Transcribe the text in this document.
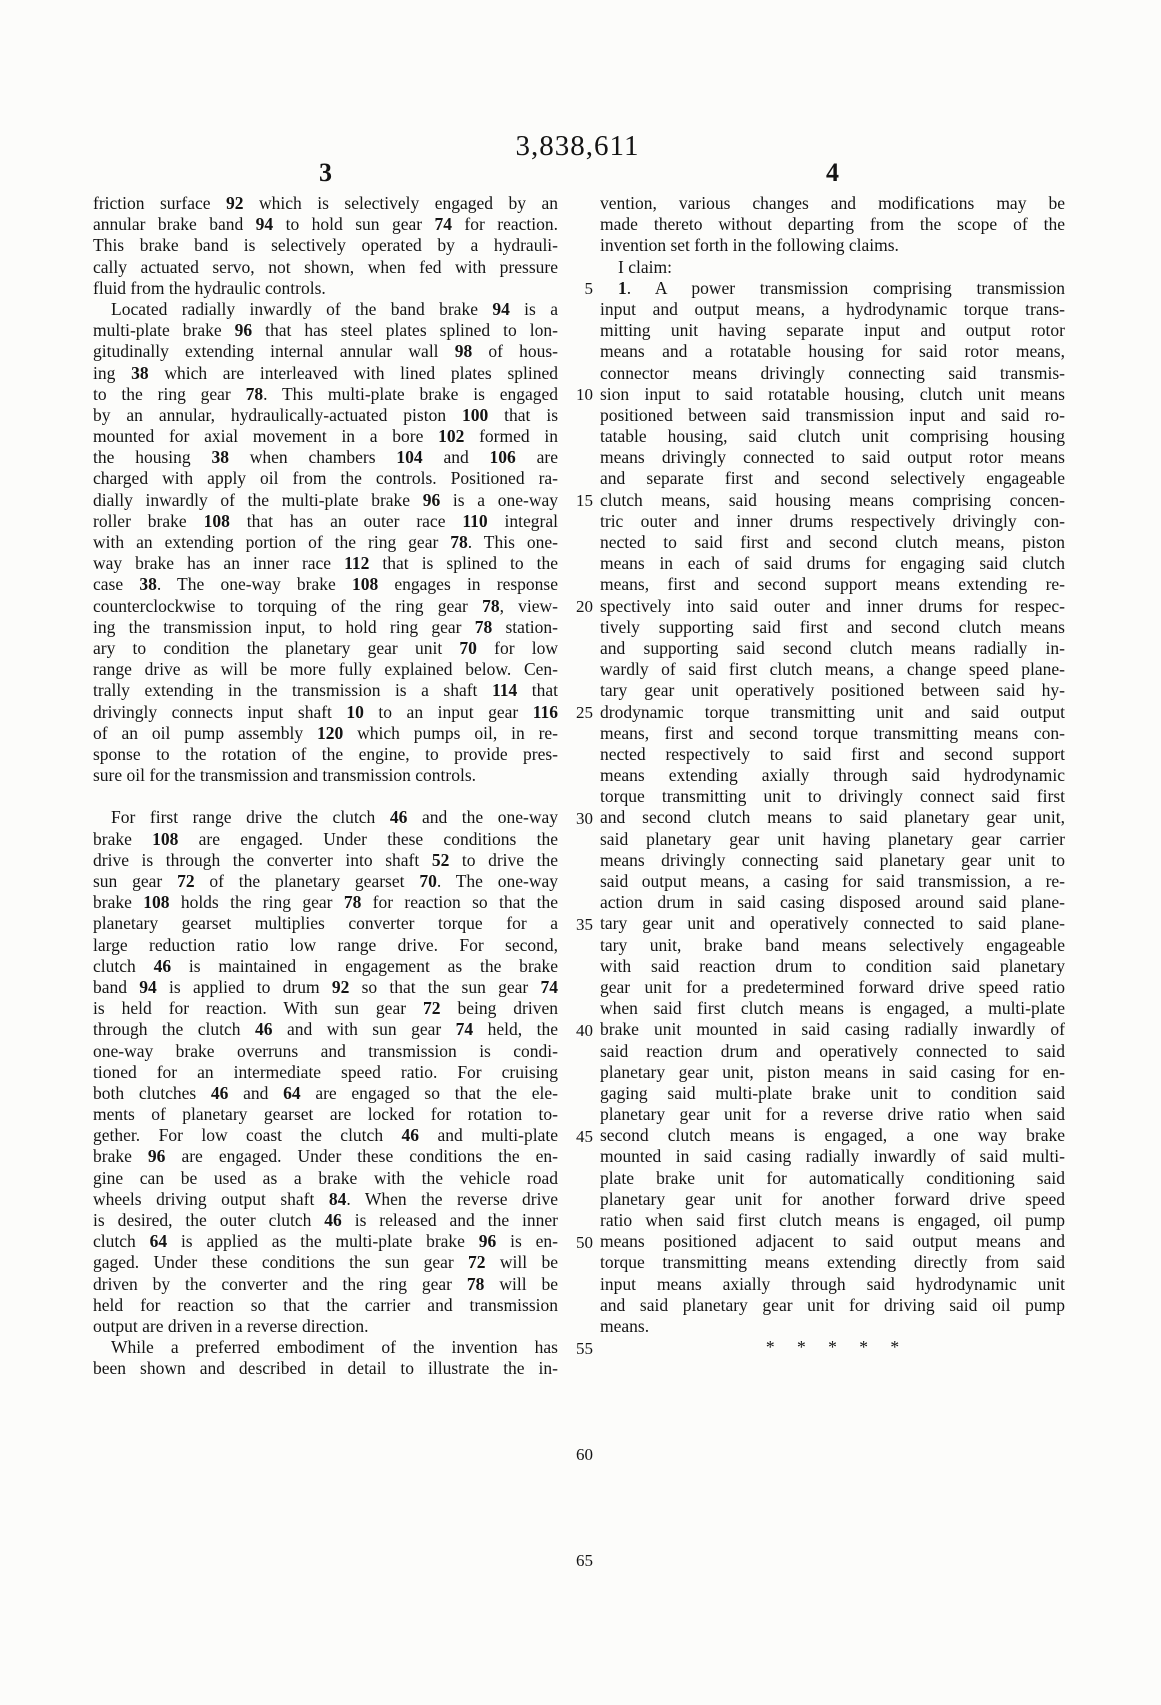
3,838,611
3	4
friction surface 92 which is selectively engaged by an
annular brake band 94 to hold sun gear 74 for reaction.
This brake band is selectively operated by a hydrauli-
cally actuated servo, not shown, when fed with pressure
fluid from the hydraulic controls.
Located radially inwardly of the band brake 94 is a
multi-plate brake 96 that has steel plates splined to lon-
gitudinally extending internal annular wall 98 of hous-
ing 38 which are interleaved with lined plates splined
to the ring gear 78. This multi-plate brake is engaged
by an annular, hydraulically-actuated piston 100 that is
mounted for axial movement in a bore 102 formed in
the housing 38 when chambers 104 and 106 are
charged with apply oil from the controls. Positioned ra-
dially inwardly of the multi-plate brake 96 is a one-way
roller brake 108 that has an outer race 110 integral
with an extending portion of the ring gear 78. This one-
way brake has an inner race 112 that is splined to the
case 38. The one-way brake 108 engages in response
counterclockwise to torquing of the ring gear 78, view-
ing the transmission input, to hold ring gear 78 station-
ary to condition the planetary gear unit 70 for low
range drive as will be more fully explained below. Cen-
trally extending in the transmission is a shaft 114 that
drivingly connects input shaft 10 to an input gear 116
of an oil pump assembly 120 which pumps oil, in re-
sponse to the rotation of the engine, to provide pres-
sure oil for the transmission and transmission controls.

For first range drive the clutch 46 and the one-way
brake 108 are engaged. Under these conditions the
drive is through the converter into shaft 52 to drive the
sun gear 72 of the planetary gearset 70. The one-way
brake 108 holds the ring gear 78 for reaction so that the
planetary gearset multiplies converter torque for a
large reduction ratio low range drive. For second,
clutch 46 is maintained in engagement as the brake
band 94 is applied to drum 92 so that the sun gear 74
is held for reaction. With sun gear 72 being driven
through the clutch 46 and with sun gear 74 held, the
one-way brake overruns and transmission is condi-
tioned for an intermediate speed ratio. For cruising
both clutches 46 and 64 are engaged so that the ele-
ments of planetary gearset are locked for rotation to-
gether. For low coast the clutch 46 and multi-plate
brake 96 are engaged. Under these conditions the en-
gine can be used as a brake with the vehicle road
wheels driving output shaft 84. When the reverse drive
is desired, the outer clutch 46 is released and the inner
clutch 64 is applied as the multi-plate brake 96 is en-
gaged. Under these conditions the sun gear 72 will be
driven by the converter and the ring gear 78 will be
held for reaction so that the carrier and transmission
output are driven in a reverse direction.
While a preferred embodiment of the invention has
been shown and described in detail to illustrate the in-
vention, various changes and modifications may be
made thereto without departing from the scope of the
invention set forth in the following claims.
I claim:
1. A power transmission comprising transmission
input and output means, a hydrodynamic torque trans-
mitting unit having separate input and output rotor
means and a rotatable housing for said rotor means,
connector means drivingly connecting said transmis-
sion input to said rotatable housing, clutch unit means
positioned between said transmission input and said ro-
tatable housing, said clutch unit comprising housing
means drivingly connected to said output rotor means
and separate first and second selectively engageable
clutch means, said housing means comprising concen-
tric outer and inner drums respectively drivingly con-
nected to said first and second clutch means, piston
means in each of said drums for engaging said clutch
means, first and second support means extending re-
spectively into said outer and inner drums for respec-
tively supporting said first and second clutch means
and supporting said second clutch means radially in-
wardly of said first clutch means, a change speed plane-
tary gear unit operatively positioned between said hy-
drodynamic torque transmitting unit and said output
means, first and second torque transmitting means con-
nected respectively to said first and second support
means extending axially through said hydrodynamic
torque transmitting unit to drivingly connect said first
and second clutch means to said planetary gear unit,
said planetary gear unit having planetary gear carrier
means drivingly connecting said planetary gear unit to
said output means, a casing for said transmission, a re-
action drum in said casing disposed around said plane-
tary gear unit and operatively connected to said plane-
tary unit, brake band means selectively engageable
with said reaction drum to condition said planetary
gear unit for a predetermined forward drive speed ratio
when said first clutch means is engaged, a multi-plate
brake unit mounted in said casing radially inwardly of
said reaction drum and operatively connected to said
planetary gear unit, piston means in said casing for en-
gaging said multi-plate brake unit to condition said
planetary gear unit for a reverse drive ratio when said
second clutch means is engaged, a one way brake
mounted in said casing radially inwardly of said multi-
plate brake unit for automatically conditioning said
planetary gear unit for another forward drive speed
ratio when said first clutch means is engaged, oil pump
means positioned adjacent to said output means and
torque transmitting means extending directly from said
input means axially through said hydrodynamic unit
and said planetary gear unit for driving said oil pump
means.
* * * * *
5
10
15
20
25
30
35
40
45
50
55
60
65
